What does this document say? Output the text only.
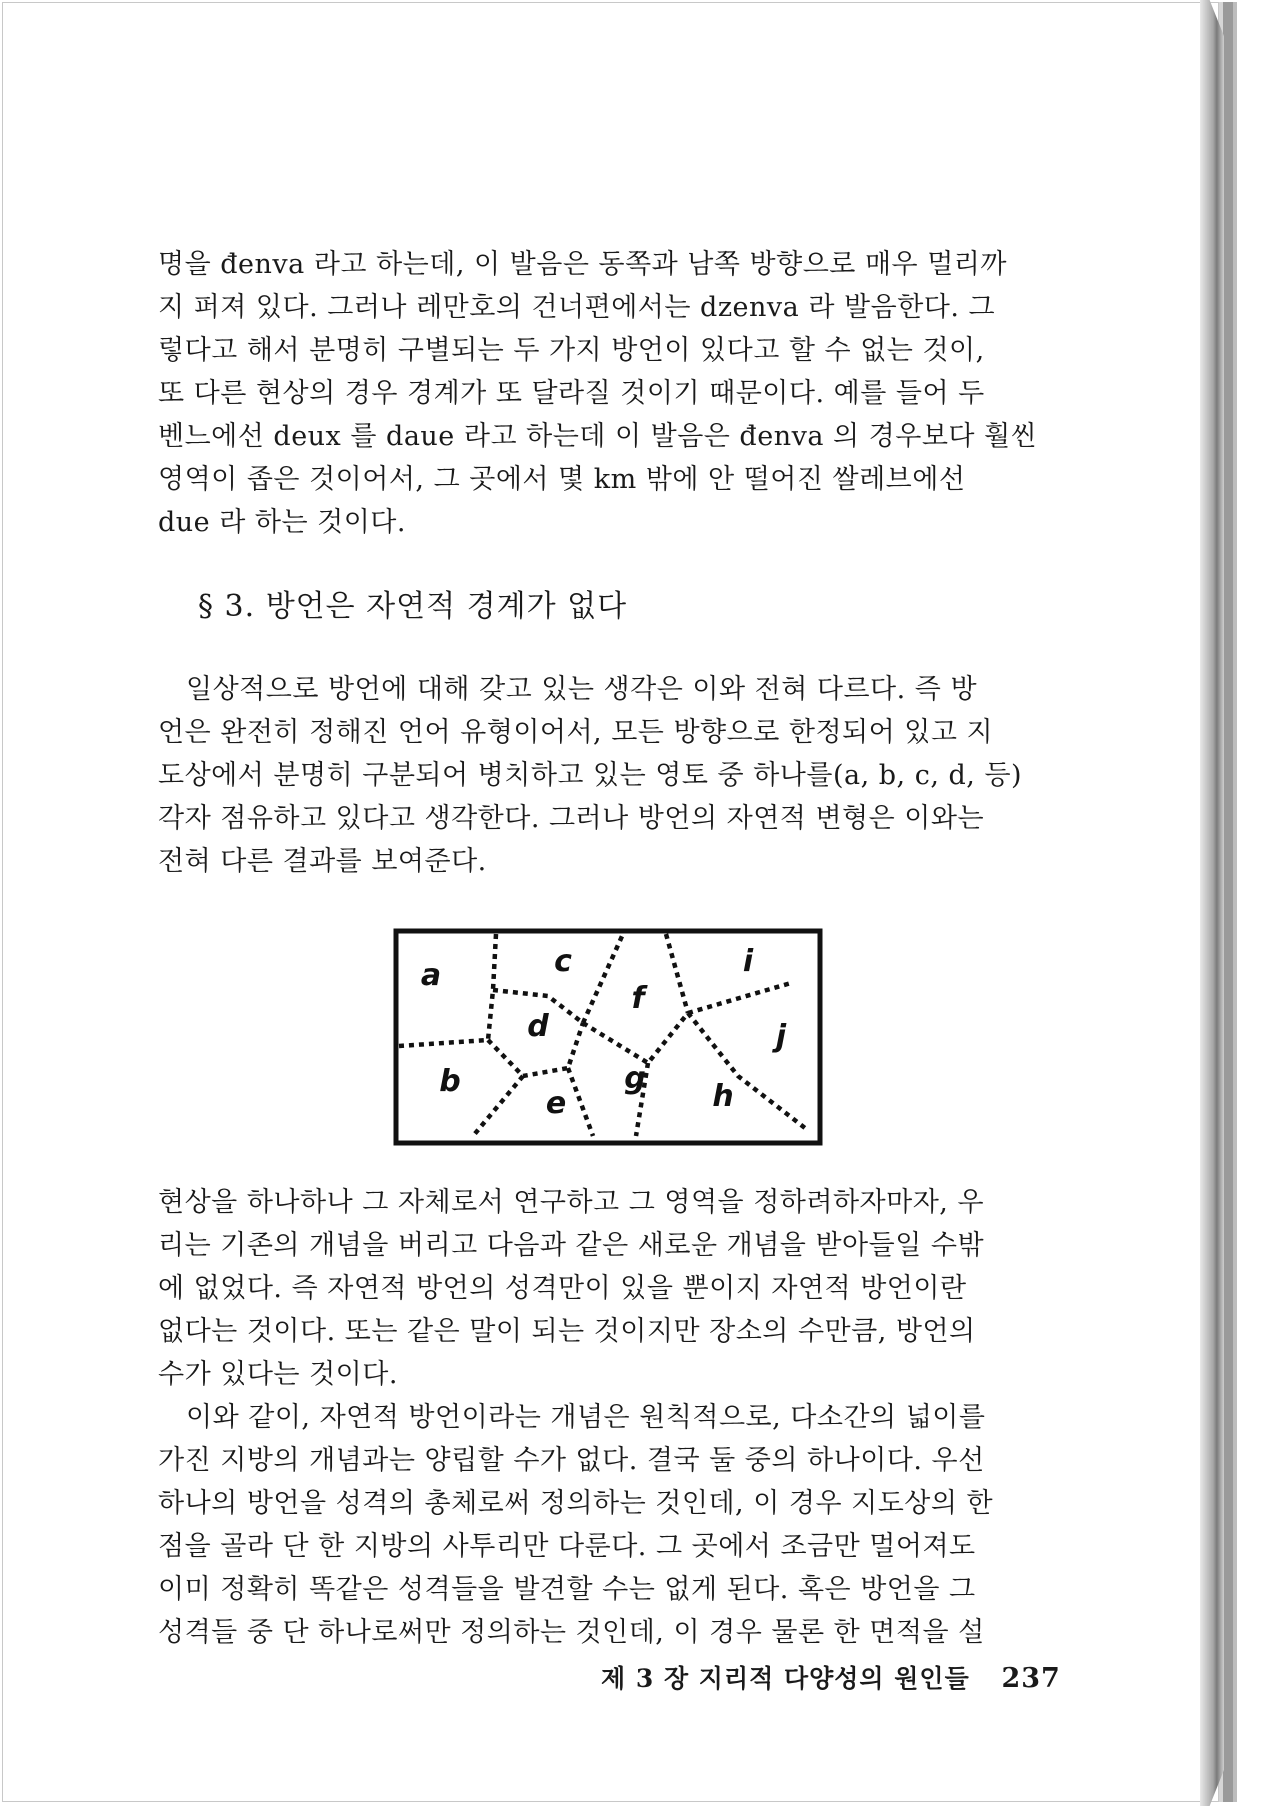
명을 đenva 라고 하는데, 이 발음은 동쪽과 남쪽 방향으로 매우 멀리까
지 퍼져 있다. 그러나 레만호의 건너편에서는 dzenva 라 발음한다. 그
렇다고 해서 분명히 구별되는 두 가지 방언이 있다고 할 수 없는 것이,
또 다른 현상의 경우 경계가 또 달라질 것이기 때문이다. 예를 들어 두
벤느에선 deux 를 daue 라고 하는데 이 발음은 đenva 의 경우보다 훨씬
영역이 좁은 것이어서, 그 곳에서 몇 km 밖에 안 떨어진 쌀레브에선
due 라 하는 것이다.
§ 3. 방언은 자연적 경계가 없다
일상적으로 방언에 대해 갖고 있는 생각은 이와 전혀 다르다. 즉 방
언은 완전히 정해진 언어 유형이어서, 모든 방향으로 한정되어 있고 지
도상에서 분명히 구분되어 병치하고 있는 영토 중 하나를(a, b, c, d, 등)
각자 점유하고 있다고 생각한다. 그러나 방언의 자연적 변형은 이와는
전혀 다른 결과를 보여준다.
a	c
f
i
d	j
b	g
e	h
현상을 하나하나 그 자체로서 연구하고 그 영역을 정하려하자마자, 우
리는 기존의 개념을 버리고 다음과 같은 새로운 개념을 받아들일 수밖
에 없었다. 즉 자연적 방언의 성격만이 있을 뿐이지 자연적 방언이란
없다는 것이다. 또는 같은 말이 되는 것이지만 장소의 수만큼, 방언의
수가 있다는 것이다.
이와 같이, 자연적 방언이라는 개념은 원칙적으로, 다소간의 넓이를
가진 지방의 개념과는 양립할 수가 없다. 결국 둘 중의 하나이다. 우선
하나의 방언을 성격의 총체로써 정의하는 것인데, 이 경우 지도상의 한
점을 골라 단 한 지방의 사투리만 다룬다. 그 곳에서 조금만 멀어져도
이미 정확히 똑같은 성격들을 발견할 수는 없게 된다. 혹은 방언을 그
성격들 중 단 하나로써만 정의하는 것인데, 이 경우 물론 한 면적을 설
제 3 장 지리적 다양성의 원인들 237
